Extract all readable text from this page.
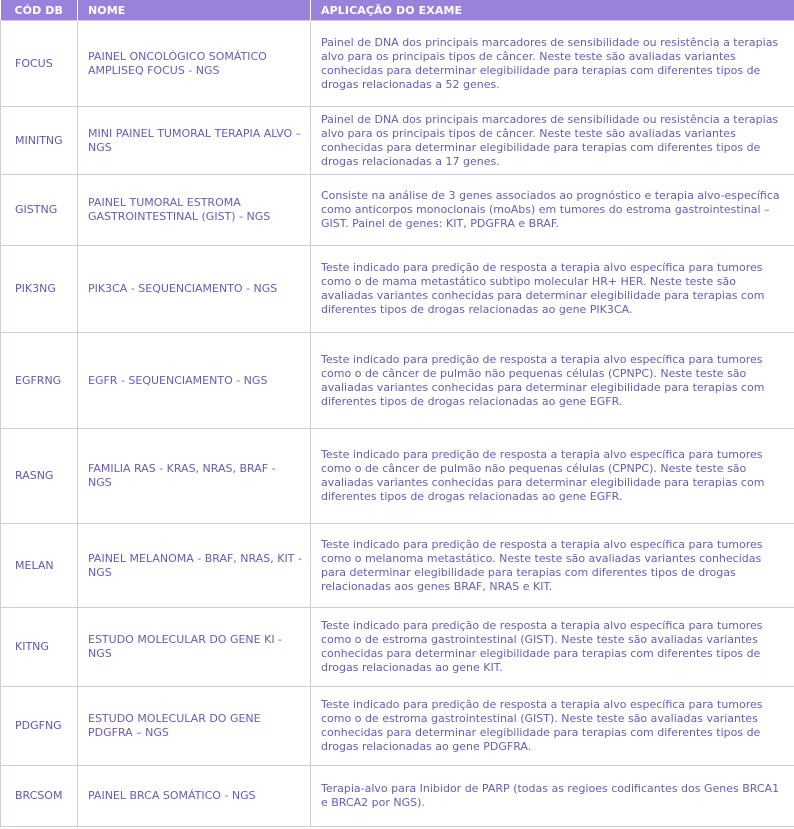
CÓD DB	NOME	APLICAÇÃO DO EXAME
FOCUS	PAINEL ONCOLÓGICO SOMÁTICO AMPLISEQ FOCUS - NGS	Painel de DNA dos principais marcadores de sensibilidade ou resistência a terapias alvo para os principais tipos de câncer. Neste teste são avaliadas variantes conhecidas para determinar elegibilidade para terapias com diferentes tipos de drogas relacionadas a 52 genes.
MINITNG	MINI PAINEL TUMORAL TERAPIA ALVO – NGS	Painel de DNA dos principais marcadores de sensibilidade ou resistência a terapias alvo para os principais tipos de câncer. Neste teste são avaliadas variantes conhecidas para determinar elegibilidade para terapias com diferentes tipos de drogas relacionadas a 17 genes.
GISTNG	PAINEL TUMORAL ESTROMA GASTROINTESTINAL (GIST) - NGS	Consiste na análise de 3 genes associados ao prognóstico e terapia alvo-específica como anticorpos monoclonais (moAbs) em tumores do estroma gastrointestinal – GIST. Painel de genes: KIT, PDGFRA e BRAF.
PIK3NG	PIK3CA - SEQUENCIAMENTO - NGS	Teste indicado para predição de resposta a terapia alvo específica para tumores como o de mama metastático subtipo molecular HR+ HER. Neste teste são avaliadas variantes conhecidas para determinar elegibilidade para terapias com diferentes tipos de drogas relacionadas ao gene PIK3CA.
EGFRNG	EGFR - SEQUENCIAMENTO - NGS	Teste indicado para predição de resposta a terapia alvo específica para tumores como o de câncer de pulmão não pequenas células (CPNPC). Neste teste são avaliadas variantes conhecidas para determinar elegibilidade para terapias com diferentes tipos de drogas relacionadas ao gene EGFR.
RASNG	FAMILIA RAS - KRAS, NRAS, BRAF - NGS	Teste indicado para predição de resposta a terapia alvo específica para tumores como o de câncer de pulmão não pequenas células (CPNPC). Neste teste são avaliadas variantes conhecidas para determinar elegibilidade para terapias com diferentes tipos de drogas relacionadas ao gene EGFR.
MELAN	PAINEL MELANOMA - BRAF, NRAS, KIT - NGS	Teste indicado para predição de resposta a terapia alvo específica para tumores como o melanoma metastático. Neste teste são avaliadas variantes conhecidas para determinar elegibilidade para terapias com diferentes tipos de drogas relacionadas aos genes BRAF, NRAS e KIT.
KITNG	ESTUDO MOLECULAR DO GENE KI - NGS	Teste indicado para predição de resposta a terapia alvo específica para tumores como o de estroma gastrointestinal (GIST). Neste teste são avaliadas variantes conhecidas para determinar elegibilidade para terapias com diferentes tipos de drogas relacionadas ao gene KIT.
PDGFNG	ESTUDO MOLECULAR DO GENE PDGFRA – NGS	Teste indicado para predição de resposta a terapia alvo específica para tumores como o de estroma gastrointestinal (GIST). Neste teste são avaliadas variantes conhecidas para determinar elegibilidade para terapias com diferentes tipos de drogas relacionadas ao gene PDGFRA.
BRCSOM	PAINEL BRCA SOMÁTICO - NGS	Terapia-alvo para Inibidor de PARP (todas as regioes codificantes dos Genes BRCA1 e BRCA2 por NGS).
